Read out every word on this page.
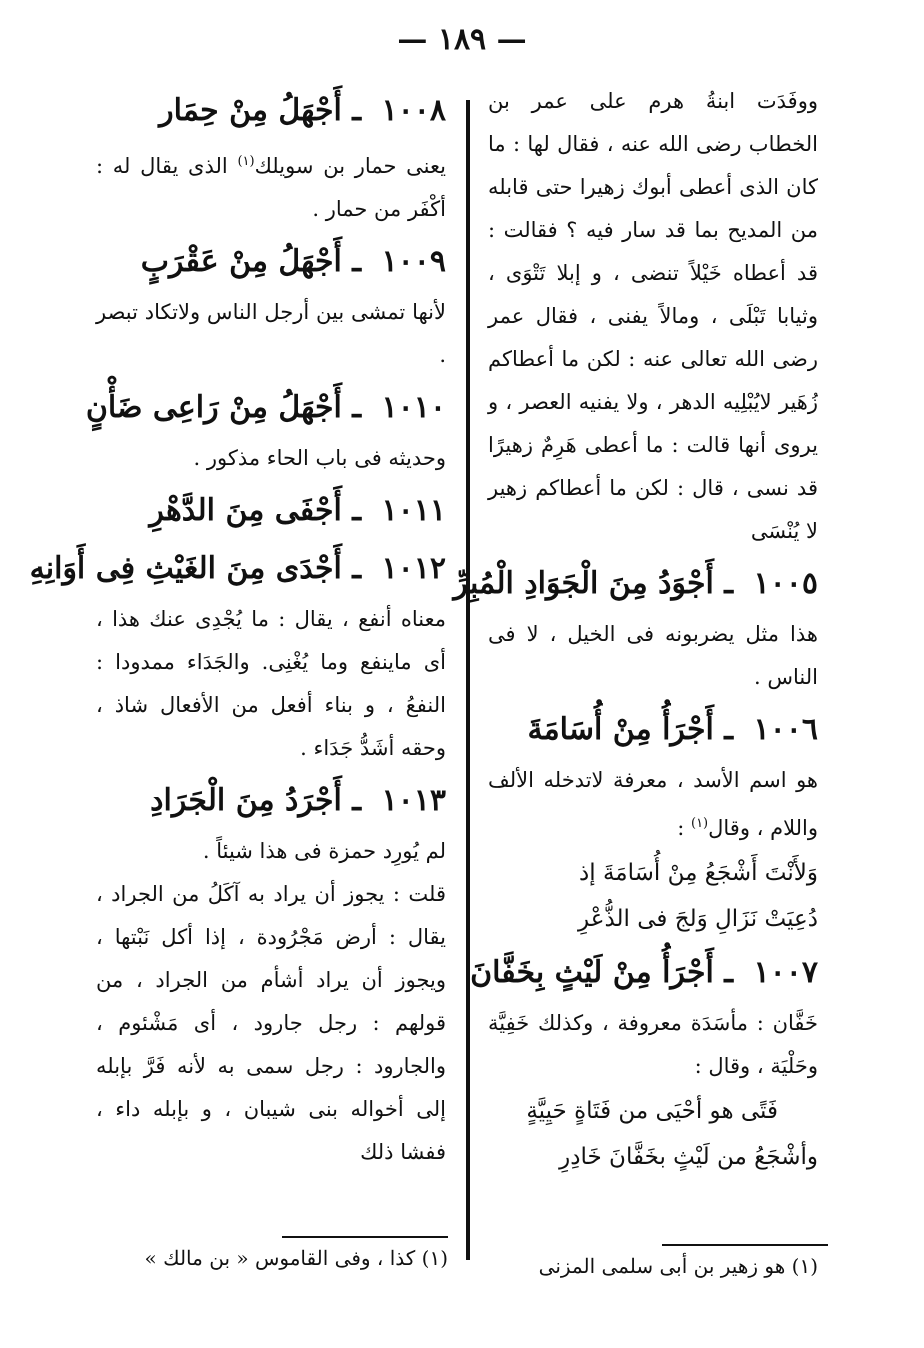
— ١٨٩ —

ووفَدَت ابنةُ هرم على عمر بن الخطاب رضى الله عنه ، فقال لها : ما كان الذى أعطى أبوك زهيرا حتى قابله من المديح بما قد سار فيه ؟ فقالت : قد أعطاه خَيْلاً تنضى ، و إبلا تَتْوَى ، وثيابا تَبْلَى ، ومالاً يفنى ، فقال عمر رضى الله تعالى عنه : لكن ما أعطاكم زُهَير لايُبْلِيه الدهر ، ولا يفنيه العصر ، و يروى أنها قالت : ما أعطى هَرِمٌ زهيرًا قد نسى ، قال : لكن ما أعطاكم زهير لا يُنْسَى

١٠٠٥ ـ أَجْوَدُ مِنَ الْجَوَادِ الْمُبِرِّ

هذا مثل يضربونه فى الخيل ، لا فى الناس .

١٠٠٦ ـ أَجْرَأُ مِنْ أُسَامَةَ

هو اسم الأسد ، معرفة لاتدخله الألف واللام ، وقال$^{(١)}$ :

وَلأَنْتَ أَشْجَعُ مِنْ أُسَامَةَ إذ

دُعِيَتْ نَزَالِ وَلجَ فى الذُّعْرِ

١٠٠٧ ـ أَجْرَأُ مِنْ لَيْثٍ بِخَفَّانَ

خَفَّان : مأسَدَة معروفة ، وكذلك خَفِيَّة وحَلْيَة ، وقال :

فَتًى هو أحْيَى من فَتَاةٍ حَيِيَّةٍ

وأشْجَعُ من لَيْثٍ بخَفَّانَ خَادِرِ

١٠٠٨ ـ أَجْهَلُ مِنْ حِمَار

يعنى حمار بن سويلك$^{(١)}$ الذى يقال له : أكْفَر من حمار .

١٠٠٩ ـ أَجْهَلُ مِنْ عَقْرَبٍ

لأنها تمشى بين أرجل الناس ولاتكاد تبصر .

١٠١٠ ـ أَجْهَلُ مِنْ رَاعِى ضَأْنٍ

وحديثه فى باب الحاء مذكور .

١٠١١ ـ أَجْفَى مِنَ الدَّهْرِ
١٠١٢ ـ أَجْدَى مِنَ الغَيْثِ فِى أَوَانِهِ

معناه أنفع ، يقال : ما يُجْدِى عنك هذا ، أى ماينفع وما يُغْنِى. والجَدَاء ممدودا : النفعُ ، و بناء أفعل من الأفعال شاذ ، وحقه أشَدُّ جَدَاء .

١٠١٣ ـ أَجْرَدُ مِنَ الْجَرَادِ

لم يُورِد حمزة فى هذا شيئاً .

قلت : يجوز أن يراد به آكَلُ من الجراد ، يقال : أرض مَجْرُودة ، إذا أكل نَبْتها ، ويجوز أن يراد أشأم من الجراد ، من قولهم : رجل جارود ، أى مَشْئوم ، والجارود : رجل سمى به لأنه فَرَّ بإبله إلى أخواله بنى شيبان ، و بإبله داء ، ففشا ذلك

(١) كذا ، وفى القاموس « بن مالك »	(١) هو زهير بن أبى سلمى المزنى
